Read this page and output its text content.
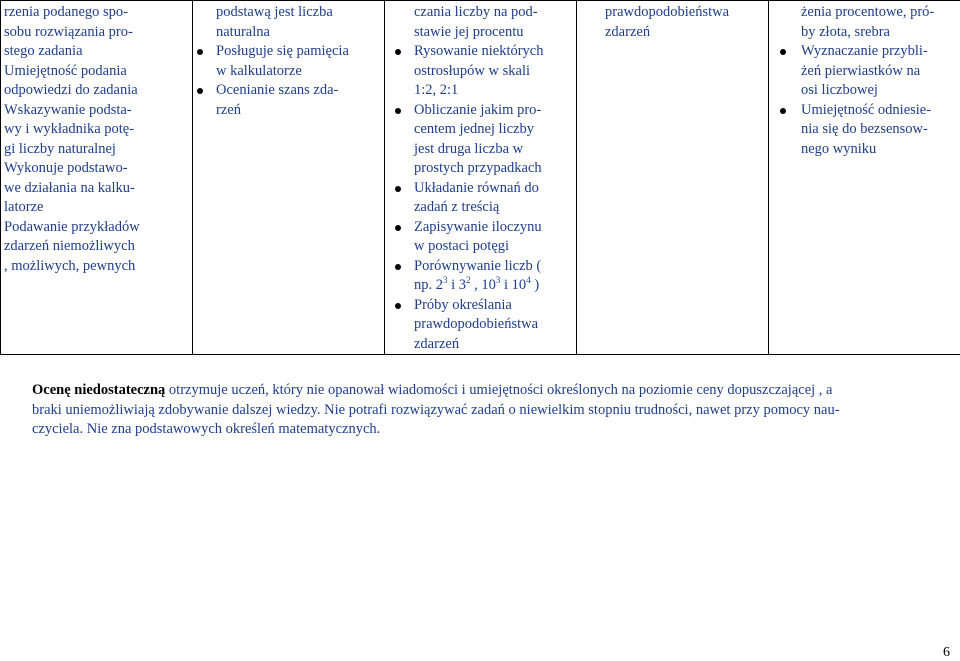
rzenia podanego spo-
sobu rozwiązania pro-
stego zadania
Umiejętność podania
odpowiedzi do zadania
Wskazywanie podsta-
wy i wykładnika potę-
gi liczby naturalnej
Wykonuje podstawo-
we działania na kalku-
latorze
Podawanie przykładów
zdarzeń niemożliwych
, możliwych, pewnych

podstawą jest liczba
naturalna
Posługuje się pamięcia
w kalkulatorze
Ocenianie szans zda-
rzeń

czania liczby na pod-
stawie jej procentu
Rysowanie niektórych
ostrosłupów w skali
1:2, 2:1
Obliczanie jakim pro-
centem jednej liczby
jest druga liczba w
prostych przypadkach
Układanie równań do
zadań z treścią
Zapisywanie iloczynu
w postaci potęgi
Porównywanie liczb (
np. $2^3$ i $3^2$ , $10^3$ i $10^4$ )
Próby określania
prawdopodobieństwa
zdarzeń

prawdopodobieństwa
zdarzeń

żenia procentowe, pró-
by złota, srebra
Wyznaczanie przybli-
żeń pierwiastków na
osi liczbowej
Umiejętność odniesie-
nia się do bezsensow-
nego wyniku
Ocenę niedostateczną otrzymuje uczeń, który nie opanował wiadomości i umiejętności określonych na poziomie ceny dopuszczającej , a
braki uniemożliwiają zdobywanie dalszej wiedzy. Nie potrafi rozwiązywać zadań o niewielkim stopniu trudności, nawet przy pomocy nau-
czyciela. Nie zna podstawowych określeń matematycznych.
6
